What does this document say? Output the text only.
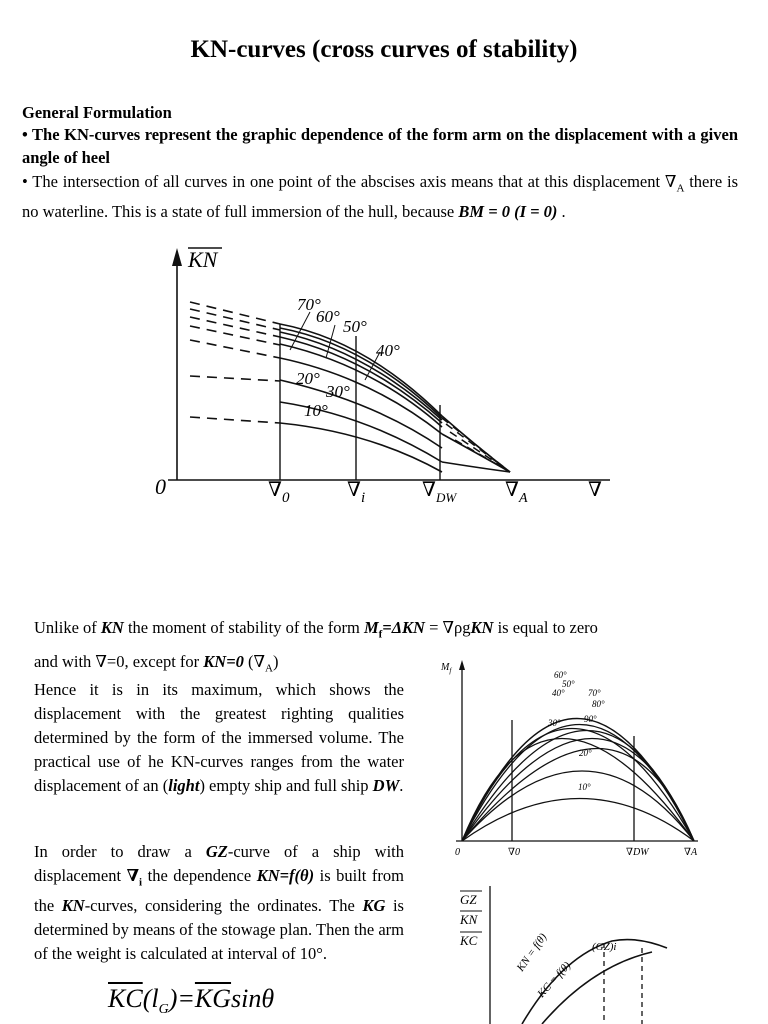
KN-curves (cross curves of stability)
General Formulation
• The KN-curves represent the graphic dependence of the form arm on the displacement with a given angle of heel
• The intersection of all curves in one point of the abscises axis means that at this displacement $\nabla_A$ there is no waterline. This is a state of full immersion of the hull, because BM = 0 (I = 0) .
KN
0	$\nabla_0$	$\nabla_i$	$\nabla_{DW}$ $\nabla_A$	∇
70°
60°
50°
40°
20°
30°
10°
Unlike of KN the moment of stability of the form $M_f=\Delta KN = \nabla\rho gKN$ is equal to zero
and with ∇=0, except for KN=0 $(\nabla_A)$
Hence it is in its maximum, which shows the displacement with the greatest righting qualities determined by the form of the immersed volume. The practical use of he KN-curves ranges from the water displacement of an (light) empty ship and full ship DW.
In order to draw a GZ-curve of a ship with displacement $\nabla_i$ the dependence KN=f(θ) is built from the KN-curves, considering the ordinates. The KG is determined by means of the stowage plan. Then the arm of the weight is calculated at interval of 10°.
$\overline{KC}(l_G)=\overline{KG}\sin\theta$
$M_f$
0	∇0	∇DW	∇A
60°
50°
40°	70°
80°
30°	90°
20°
10°
GZ
KN
KC	KN = f(θ)
KC = f(θ)
(GZ)i
